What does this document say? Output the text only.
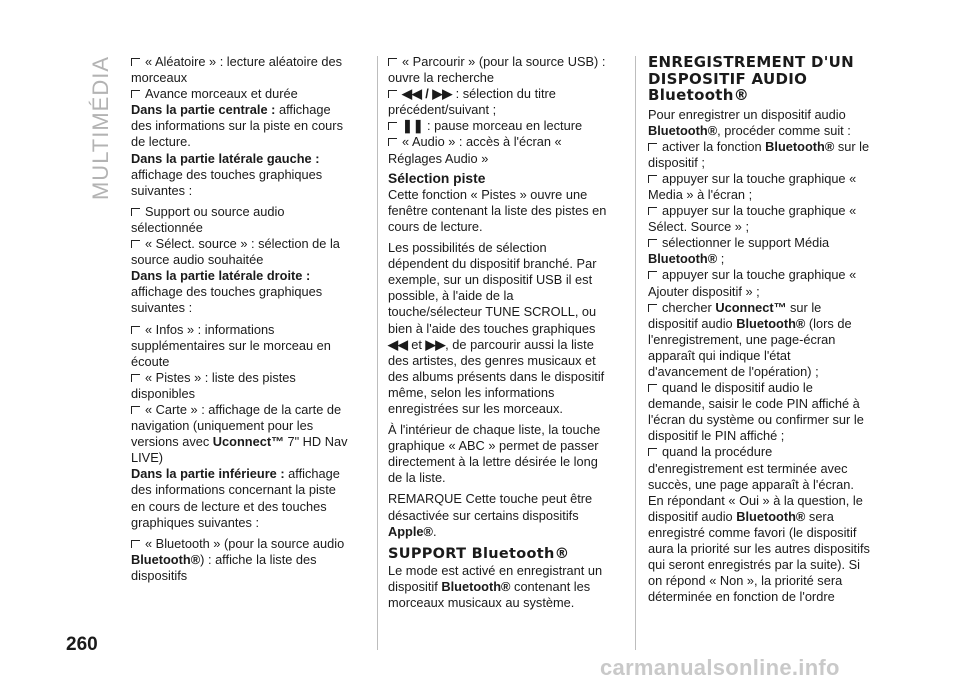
MULTIMÉDIA	« Aléatoire » : lecture aléatoire des morceaux

Avance morceaux et durée

Dans la partie centrale : affichage des informations sur la piste en cours de lecture.

Dans la partie latérale gauche : affichage des touches graphiques suivantes :

Support ou source audio sélectionnée

« Sélect. source » : sélection de la source audio souhaitée

Dans la partie latérale droite : affichage des touches graphiques suivantes :

« Infos » : informations supplémentaires sur le morceau en écoute

« Pistes » : liste des pistes disponibles

« Carte » : affichage de la carte de navigation (uniquement pour les versions avec Uconnect™ 7" HD Nav LIVE)

Dans la partie inférieure : affichage des informations concernant la piste en cours de lecture et des touches graphiques suivantes :

« Bluetooth » (pour la source audio Bluetooth®) : affiche la liste des dispositifs

« Parcourir » (pour la source USB) : ouvre la recherche

◀◀ / ▶▶ : sélection du titre précédent/suivant ;

❚❚ : pause morceau en lecture

« Audio » : accès à l'écran « Réglages Audio »

Sélection piste

Cette fonction « Pistes » ouvre une fenêtre contenant la liste des pistes en cours de lecture.

Les possibilités de sélection dépendent du dispositif branché. Par exemple, sur un dispositif USB il est possible, à l'aide de la touche/sélecteur TUNE SCROLL, ou bien à l'aide des touches graphiques ◀◀ et ▶▶, de parcourir aussi la liste des artistes, des genres musicaux et des albums présents dans le dispositif même, selon les informations enregistrées sur les morceaux.

À l'intérieur de chaque liste, la touche graphique « ABC » permet de passer directement à la lettre désirée le long de la liste.

REMARQUE Cette touche peut être désactivée sur certains dispositifs Apple®.

SUPPORT Bluetooth®

Le mode est activé en enregistrant un dispositif Bluetooth® contenant les morceaux musicaux au système.

ENREGISTREMENT D'UN DISPOSITIF AUDIO Bluetooth®

Pour enregistrer un dispositif audio Bluetooth®, procéder comme suit :

activer la fonction Bluetooth® sur le dispositif ;

appuyer sur la touche graphique « Media » à l'écran ;

appuyer sur la touche graphique « Sélect. Source » ;

sélectionner le support Média Bluetooth® ;

appuyer sur la touche graphique « Ajouter dispositif » ;

chercher Uconnect™ sur le dispositif audio Bluetooth® (lors de l'enregistrement, une page-écran apparaît qui indique l'état d'avancement de l'opération) ;

quand le dispositif audio le demande, saisir le code PIN affiché à l'écran du système ou confirmer sur le dispositif le PIN affiché ;

quand la procédure d'enregistrement est terminée avec succès, une page apparaît à l'écran.

En répondant « Oui » à la question, le dispositif audio Bluetooth® sera enregistré comme favori (le dispositif aura la priorité sur les autres dispositifs qui seront enregistrés par la suite). Si on répond « Non », la priorité sera déterminée en fonction de l'ordre

260
carmanualsonline.info
